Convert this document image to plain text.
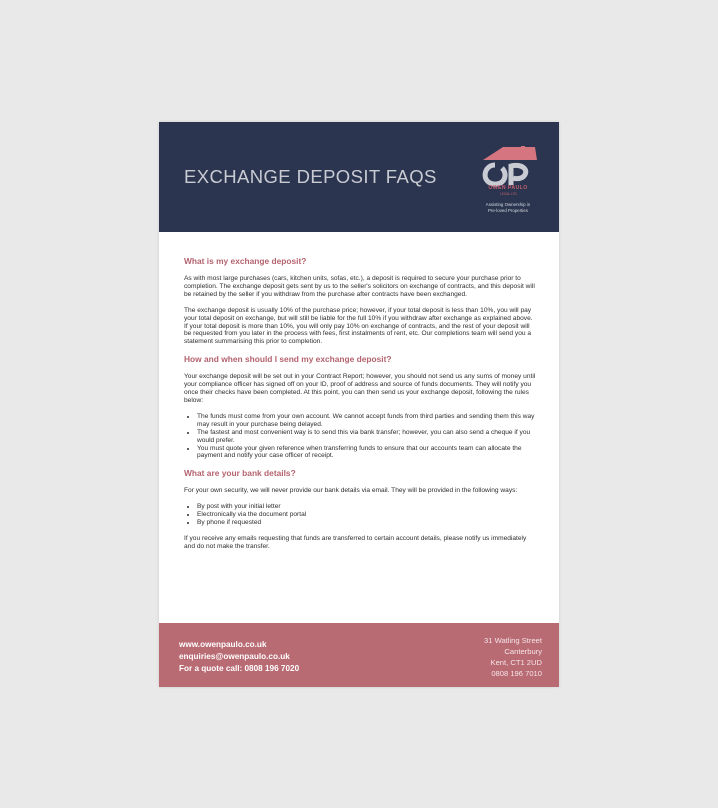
EXCHANGE DEPOSIT FAQS
OWEN PAULO
LEGAL LTD
Assisting Ownership in
Pre-loved Properties
What is my exchange deposit?

As with most large purchases (cars, kitchen units, sofas, etc.), a deposit is required to secure your purchase prior to completion. The exchange deposit gets sent by us to the seller's solicitors on exchange of contracts, and this deposit will be retained by the seller if you withdraw from the purchase after contracts have been exchanged.

The exchange deposit is usually 10% of the purchase price; however, if your total deposit is less than 10%, you will pay your total deposit on exchange, but will still be liable for the full 10% if you withdraw after exchange as explained above. If your total deposit is more than 10%, you will only pay 10% on exchange of contracts, and the rest of your deposit will be requested from you later in the process with fees, first instalments of rent, etc. Our completions team will send you a statement summarising this prior to completion.

How and when should I send my exchange deposit?

Your exchange deposit will be set out in your Contract Report; however, you should not send us any sums of money until your compliance officer has signed off on your ID, proof of address and source of funds documents. They will notify you once their checks have been completed. At this point, you can then send us your exchange deposit, following the rules below:

• The funds must come from your own account. We cannot accept funds from third parties and sending them this way may result in your purchase being delayed.
• The fastest and most convenient way is to send this via bank transfer; however, you can also send a cheque if you would prefer.
• You must quote your given reference when transferring funds to ensure that our accounts team can allocate the payment and notify your case officer of receipt.
What are your bank details?

For your own security, we will never provide our bank details via email. They will be provided in the following ways:

• By post with your initial letter
• Electronically via the document portal
• By phone if requested

If you receive any emails requesting that funds are transferred to certain account details, please notify us immediately and do not make the transfer.

www.owenpaulo.co.uk
enquiries@owenpaulo.co.uk
For a quote call: 0808 196 7020
31 Watling Street
Canterbury
Kent, CT1 2UD
0808 196 7010
